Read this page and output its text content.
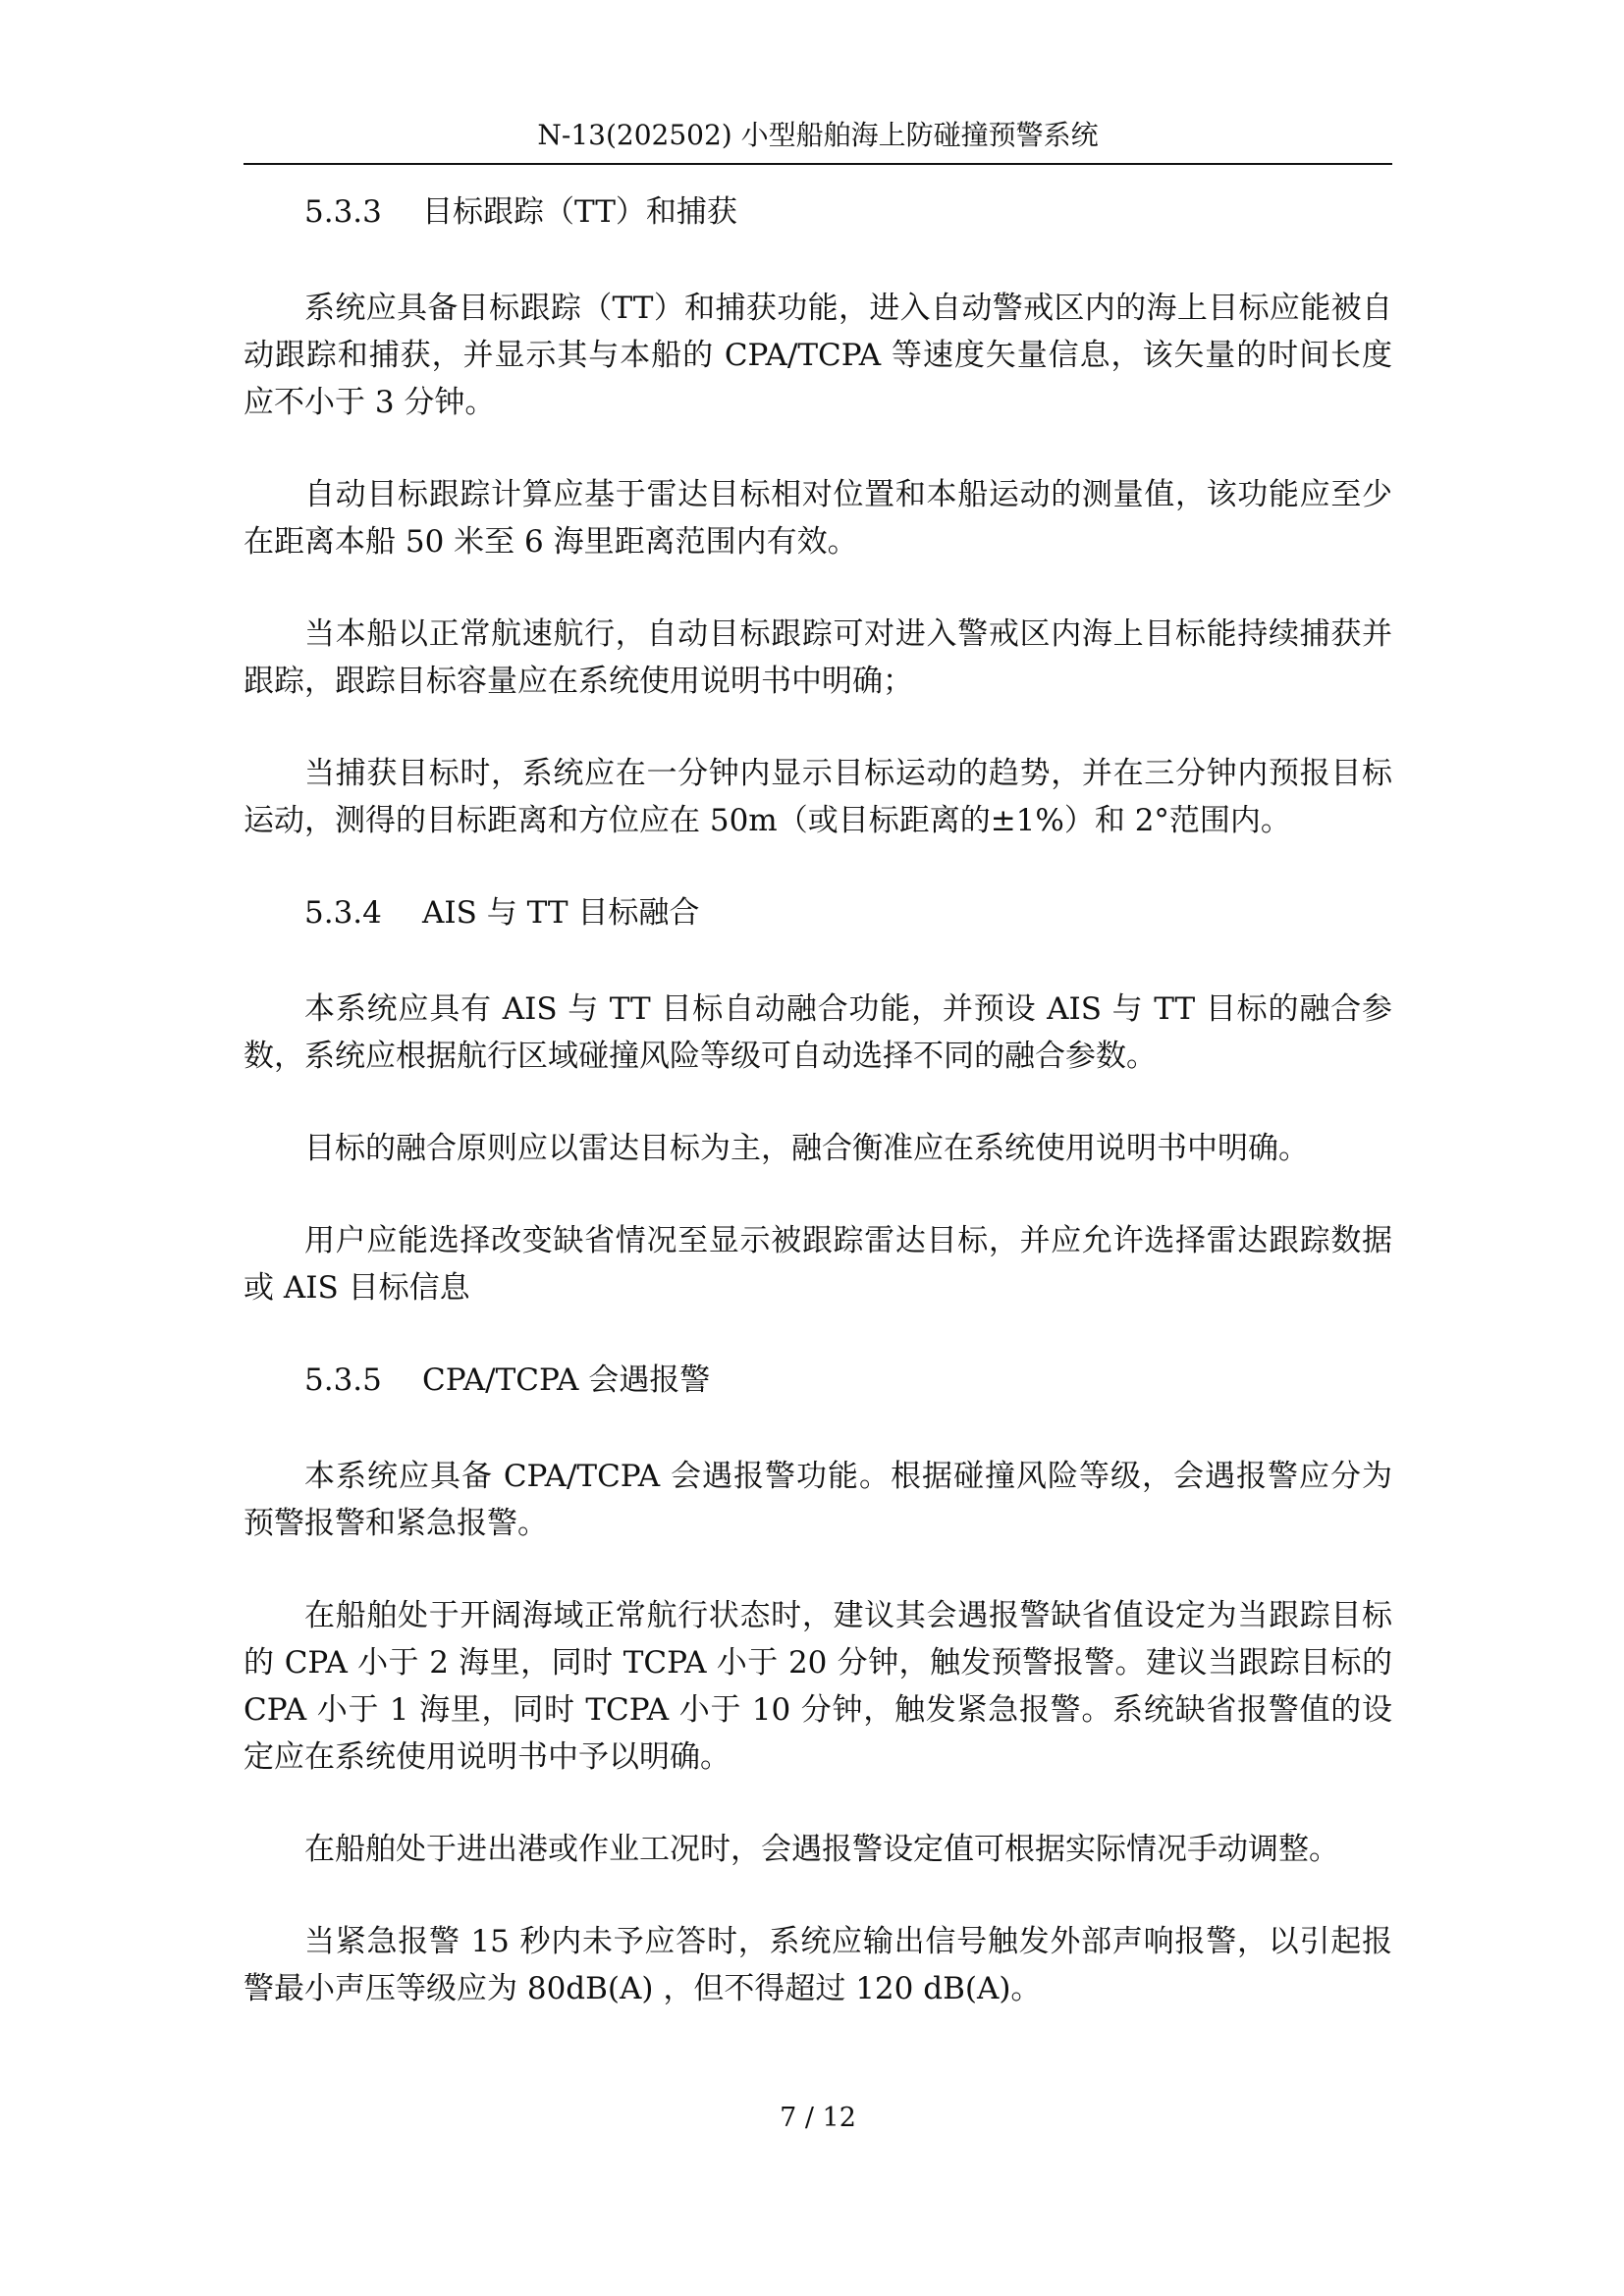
N-13(202502) 小型船舶海上防碰撞预警系统
5.3.3 目标跟踪（TT）和捕获

系统应具备目标跟踪（TT）和捕获功能，进入自动警戒区内的海上目标应能被自动跟踪和捕获，并显示其与本船的 CPA/TCPA 等速度矢量信息，该矢量的时间长度应不小于 3 分钟。

自动目标跟踪计算应基于雷达目标相对位置和本船运动的测量值，该功能应至少在距离本船 50 米至 6 海里距离范围内有效。

当本船以正常航速航行，自动目标跟踪可对进入警戒区内海上目标能持续捕获并跟踪，跟踪目标容量应在系统使用说明书中明确；

当捕获目标时，系统应在一分钟内显示目标运动的趋势，并在三分钟内预报目标运动，测得的目标距离和方位应在 50m（或目标距离的±1%）和 2°范围内。

5.3.4 AIS 与 TT 目标融合

本系统应具有 AIS 与 TT 目标自动融合功能，并预设 AIS 与 TT 目标的融合参数，系统应根据航行区域碰撞风险等级可自动选择不同的融合参数。

目标的融合原则应以雷达目标为主，融合衡准应在系统使用说明书中明确。

用户应能选择改变缺省情况至显示被跟踪雷达目标，并应允许选择雷达跟踪数据或 AIS 目标信息

5.3.5 CPA/TCPA 会遇报警

本系统应具备 CPA/TCPA 会遇报警功能。根据碰撞风险等级，会遇报警应分为预警报警和紧急报警。

在船舶处于开阔海域正常航行状态时，建议其会遇报警缺省值设定为当跟踪目标的 CPA 小于 2 海里，同时 TCPA 小于 20 分钟，触发预警报警。建议当跟踪目标的 CPA 小于 1 海里，同时 TCPA 小于 10 分钟，触发紧急报警。系统缺省报警值的设定应在系统使用说明书中予以明确。

在船舶处于进出港或作业工况时，会遇报警设定值可根据实际情况手动调整。

当紧急报警 15 秒内未予应答时，系统应输出信号触发外部声响报警，以引起报警最小声压等级应为 80dB(A) ，但不得超过 120 dB(A)。

7 / 12
